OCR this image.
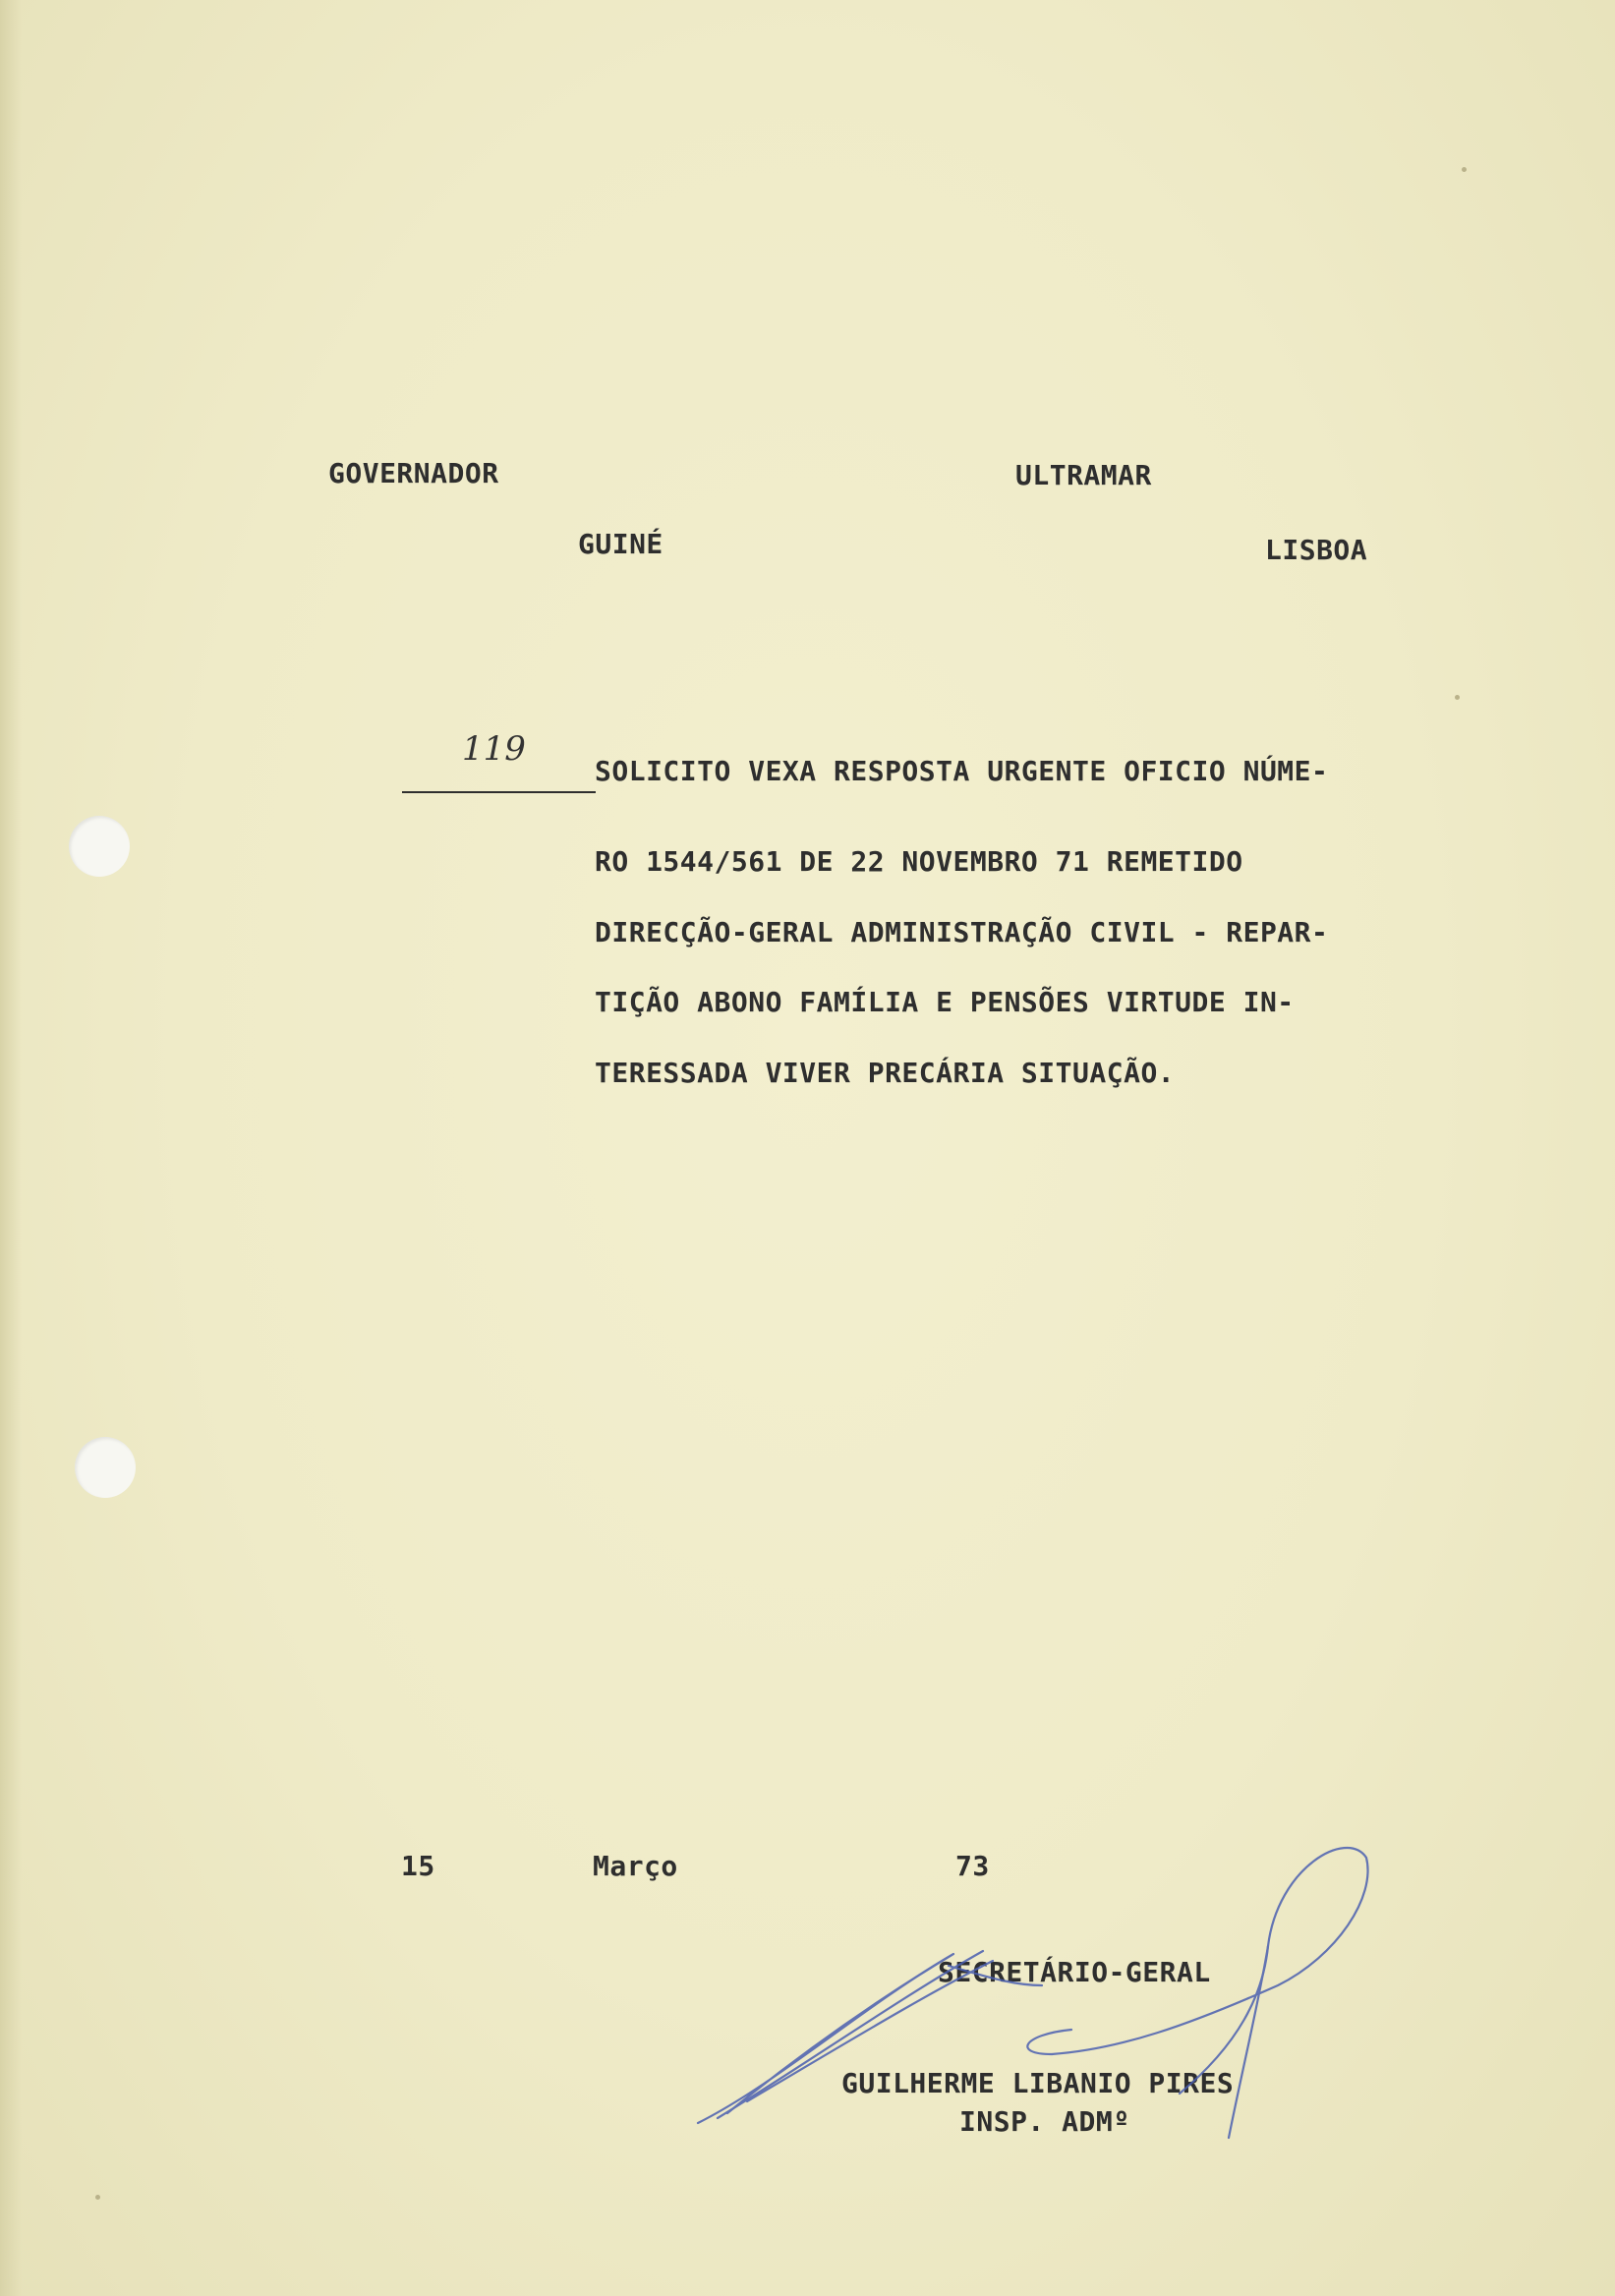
GOVERNADOR	ULTRAMAR
GUINÉ	LISBOA
119
SOLICITO VEXA RESPOSTA URGENTE OFICIO NÚME-
RO 1544/561 DE 22 NOVEMBRO 71 REMETIDO
DIRECÇÃO-GERAL ADMINISTRAÇÃO CIVIL - REPAR-
TIÇÃO ABONO FAMÍLIA E PENSÕES VIRTUDE IN-
TERESSADA VIVER PRECÁRIA SITUAÇÃO.
15	Março	73
SECRETÁRIO-GERAL
GUILHERME LIBANIO PIRES
INSP. ADMº
